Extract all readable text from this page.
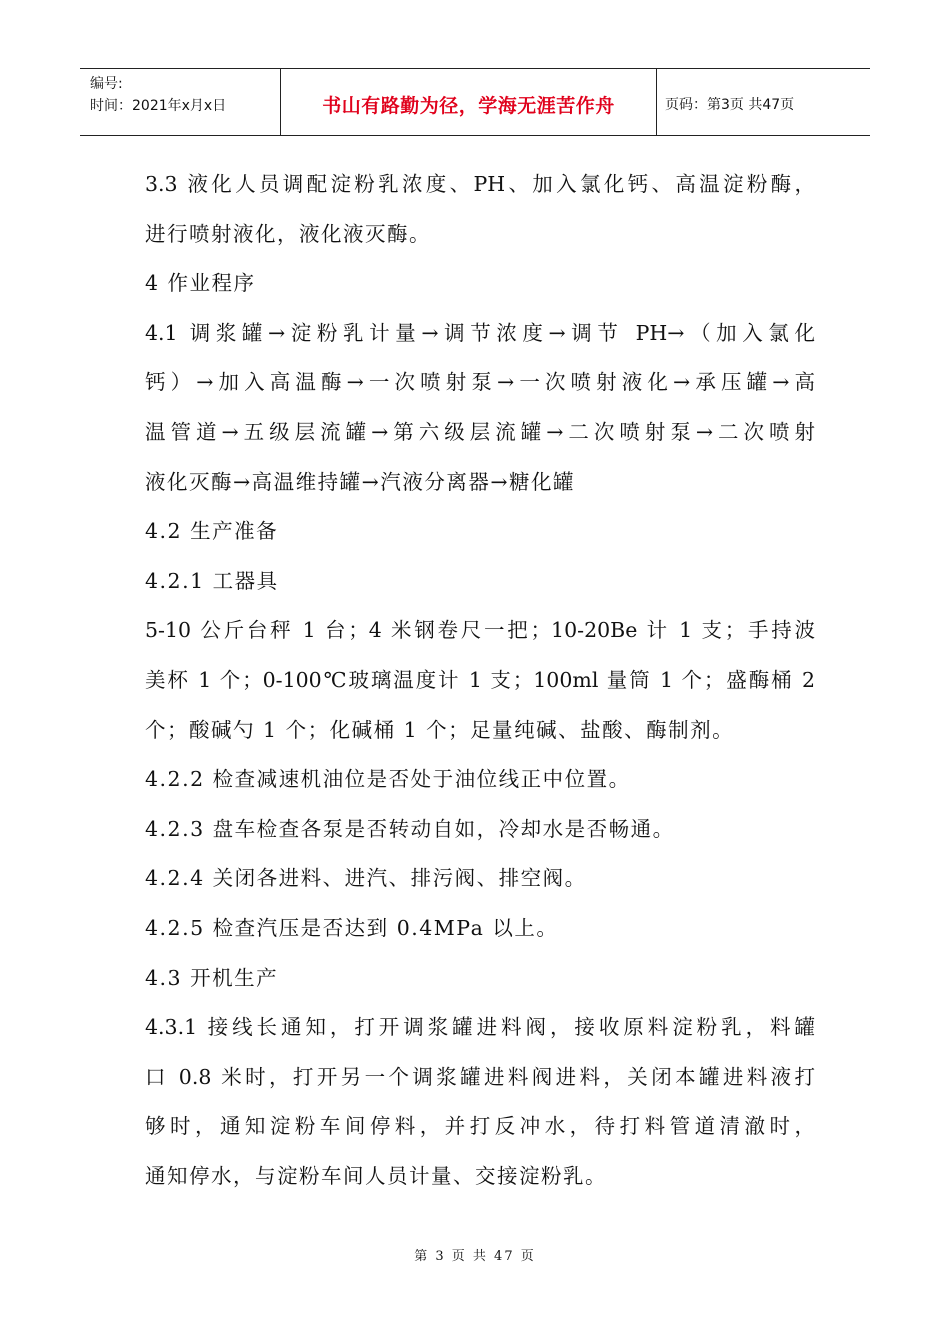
编号:
时间：2021年x月x日	书山有路勤为径，学海无涯苦作舟	页码：第3页 共47页
3.3 液化人员调配淀粉乳浓度、PH、加入氯化钙、高温淀粉酶，
进行喷射液化，液化液灭酶。
4 作业程序
4.1 调浆罐→淀粉乳计量→调节浓度→调节 PH→（加入氯化
钙）→加入高温酶→一次喷射泵→一次喷射液化→承压罐→高
温管道→五级层流罐→第六级层流罐→二次喷射泵→二次喷射
液化灭酶→高温维持罐→汽液分离器→糖化罐
4.2 生产准备
4.2.1 工器具
5-10 公斤台秤 1 台；4 米钢卷尺一把；10-20Be 计 1 支；手持波
美杯 1 个；0-100℃玻璃温度计 1 支；100ml 量筒 1 个；盛酶桶 2
个；酸碱勺 1 个；化碱桶 1 个；足量纯碱、盐酸、酶制剂。
4.2.2 检查减速机油位是否处于油位线正中位置。
4.2.3 盘车检查各泵是否转动自如，冷却水是否畅通。
4.2.4 关闭各进料、进汽、排污阀、排空阀。
4.2.5 检查汽压是否达到 0.4MPa 以上。
4.3 开机生产
4.3.1 接线长通知，打开调浆罐进料阀，接收原料淀粉乳，料罐
口 0.8 米时，打开另一个调浆罐进料阀进料，关闭本罐进料液打
够时，通知淀粉车间停料，并打反冲水，待打料管道清澈时，
通知停水，与淀粉车间人员计量、交接淀粉乳。
第 3 页 共 47 页
